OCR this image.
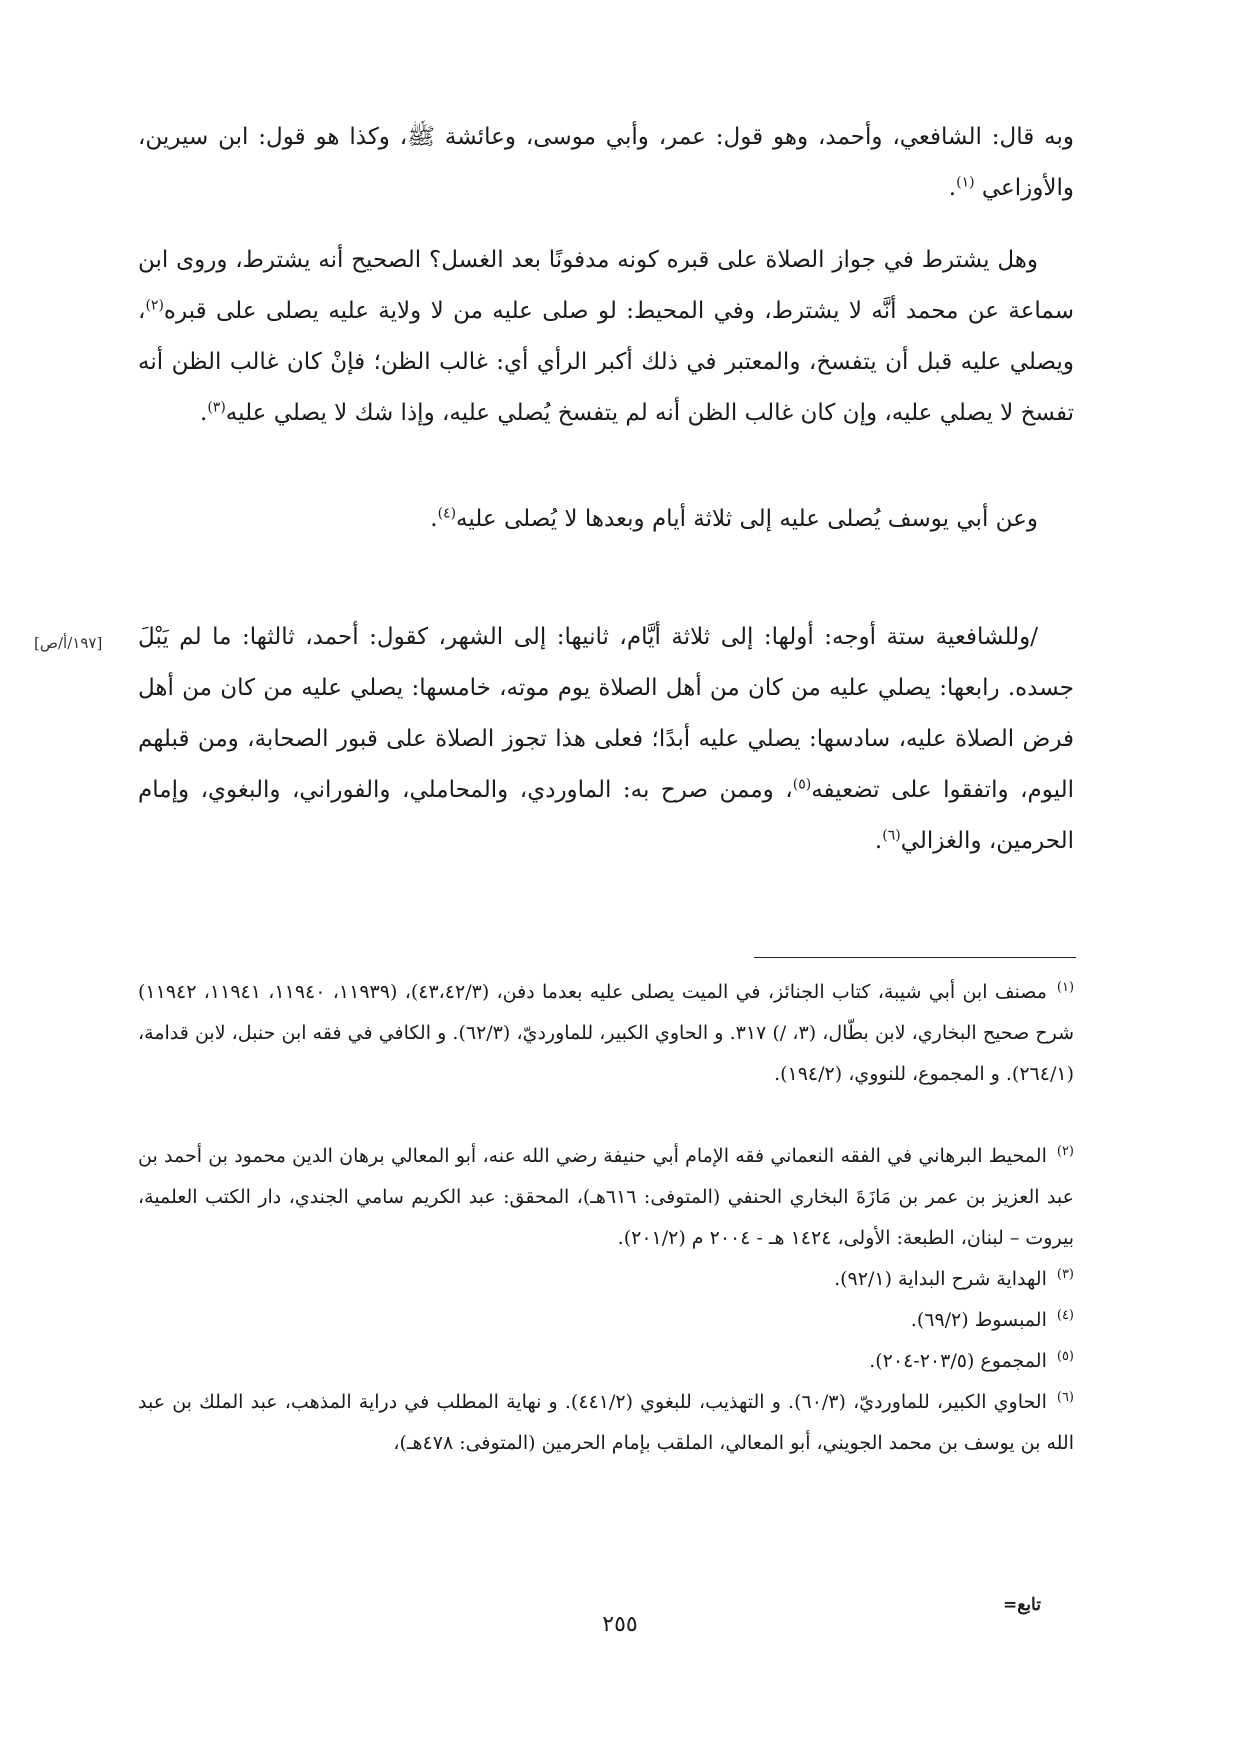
وبه قال: الشافعي، وأحمد، وهو قول: عمر، وأبي موسى، وعائشة ﷺ، وكذا هو قول: ابن سيرين، والأوزاعي $^{(١)}$.

وهل يشترط في جواز الصلاة على قبره كونه مدفونًا بعد الغسل؟ الصحيح أنه يشترط، وروى ابن سماعة عن محمد أنَّه لا يشترط، وفي المحيط: لو صلى عليه من لا ولاية عليه يصلى على قبره$^{(٢)}$، ويصلي عليه قبل أن يتفسخ، والمعتبر في ذلك أكبر الرأي أي: غالب الظن؛ فإنْ كان غالب الظن أنه تفسخ لا يصلي عليه، وإن كان غالب الظن أنه لم يتفسخ يُصلي عليه، وإذا شك لا يصلي عليه$^{(٣)}$.

وعن أبي يوسف يُصلى عليه إلى ثلاثة أيام وبعدها لا يُصلى عليه$^{(٤)}$.

[١٩٧/أ/ص] /وللشافعية ستة أوجه: أولها: إلى ثلاثة أيَّام، ثانيها: إلى الشهر، كقول: أحمد، ثالثها: ما لم يَبْلَ جسده. رابعها: يصلي عليه من كان من أهل الصلاة يوم موته، خامسها: يصلي عليه من كان من أهل فرض الصلاة عليه، سادسها: يصلي عليه أبدًا؛ فعلى هذا تجوز الصلاة على قبور الصحابة، ومن قبلهم اليوم، واتفقوا على تضعيفه$^{(٥)}$، وممن صرح به: الماوردي، والمحاملي، والفوراني، والبغوي، وإمام الحرمين، والغزالي$^{(٦)}$.

$^{(١)}$مصنف ابن أبي شيبة، كتاب الجنائز، في الميت يصلى عليه بعدما دفن، (٤٣،٤٢/٣)، (١١٩٣٩، ١١٩٤٠، ١١٩٤١، ١١٩٤٢) شرح صحيح البخاري، لابن بطّال، (٣، /) ٣١٧. و الحاوي الكبير، للماورديّ، (٦٢/٣). و الكافي في فقه ابن حنبل، لابن قدامة، (٢٦٤/١). و المجموع، للنووي، (١٩٤/٢).

$^{(٢)}$المحيط البرهاني في الفقه النعماني فقه الإمام أبي حنيفة رضي الله عنه، أبو المعالي برهان الدين محمود بن أحمد بن عبد العزيز بن عمر بن مَازَةَ البخاري الحنفي (المتوفى: ٦١٦هـ)، المحقق: عبد الكريم سامي الجندي، دار الكتب العلمية، بيروت – لبنان، الطبعة: الأولى، ١٤٢٤ هـ - ٢٠٠٤ م (٢٠١/٢).

$^{(٣)}$الهداية شرح البداية (٩٢/١).

$^{(٤)}$المبسوط (٦٩/٢).

$^{(٥)}$المجموع (٢٠٣/٥-٢٠٤).

$^{(٦)}$الحاوي الكبير، للماورديّ، (٦٠/٣). و التهذيب، للبغوي (٤٤١/٢). و نهاية المطلب في دراية المذهب، عبد الملك بن عبد الله بن يوسف بن محمد الجويني، أبو المعالي، الملقب بإمام الحرمين (المتوفى: ٤٧٨هـ)،

تابع=
٢٥٥
